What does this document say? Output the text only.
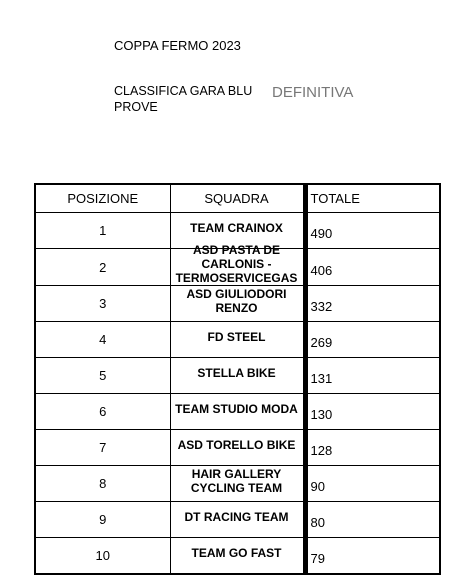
COPPA FERMO 2023
CLASSIFICA GARA BLU PROVE
DEFINITIVA
POSIZIONE	SQUADRA	TOTALE
1	TEAM CRAINOX	490
2	ASD PASTA DE CARLONIS - TERMOSERVICEGAS	406
3	ASD GIULIODORI RENZO	332
4	FD STEEL	269
5	STELLA BIKE	131
6	TEAM STUDIO MODA	130
7	ASD TORELLO BIKE	128
8	HAIR GALLERY CYCLING TEAM	90
9	DT RACING TEAM	80
10	TEAM GO FAST	79
